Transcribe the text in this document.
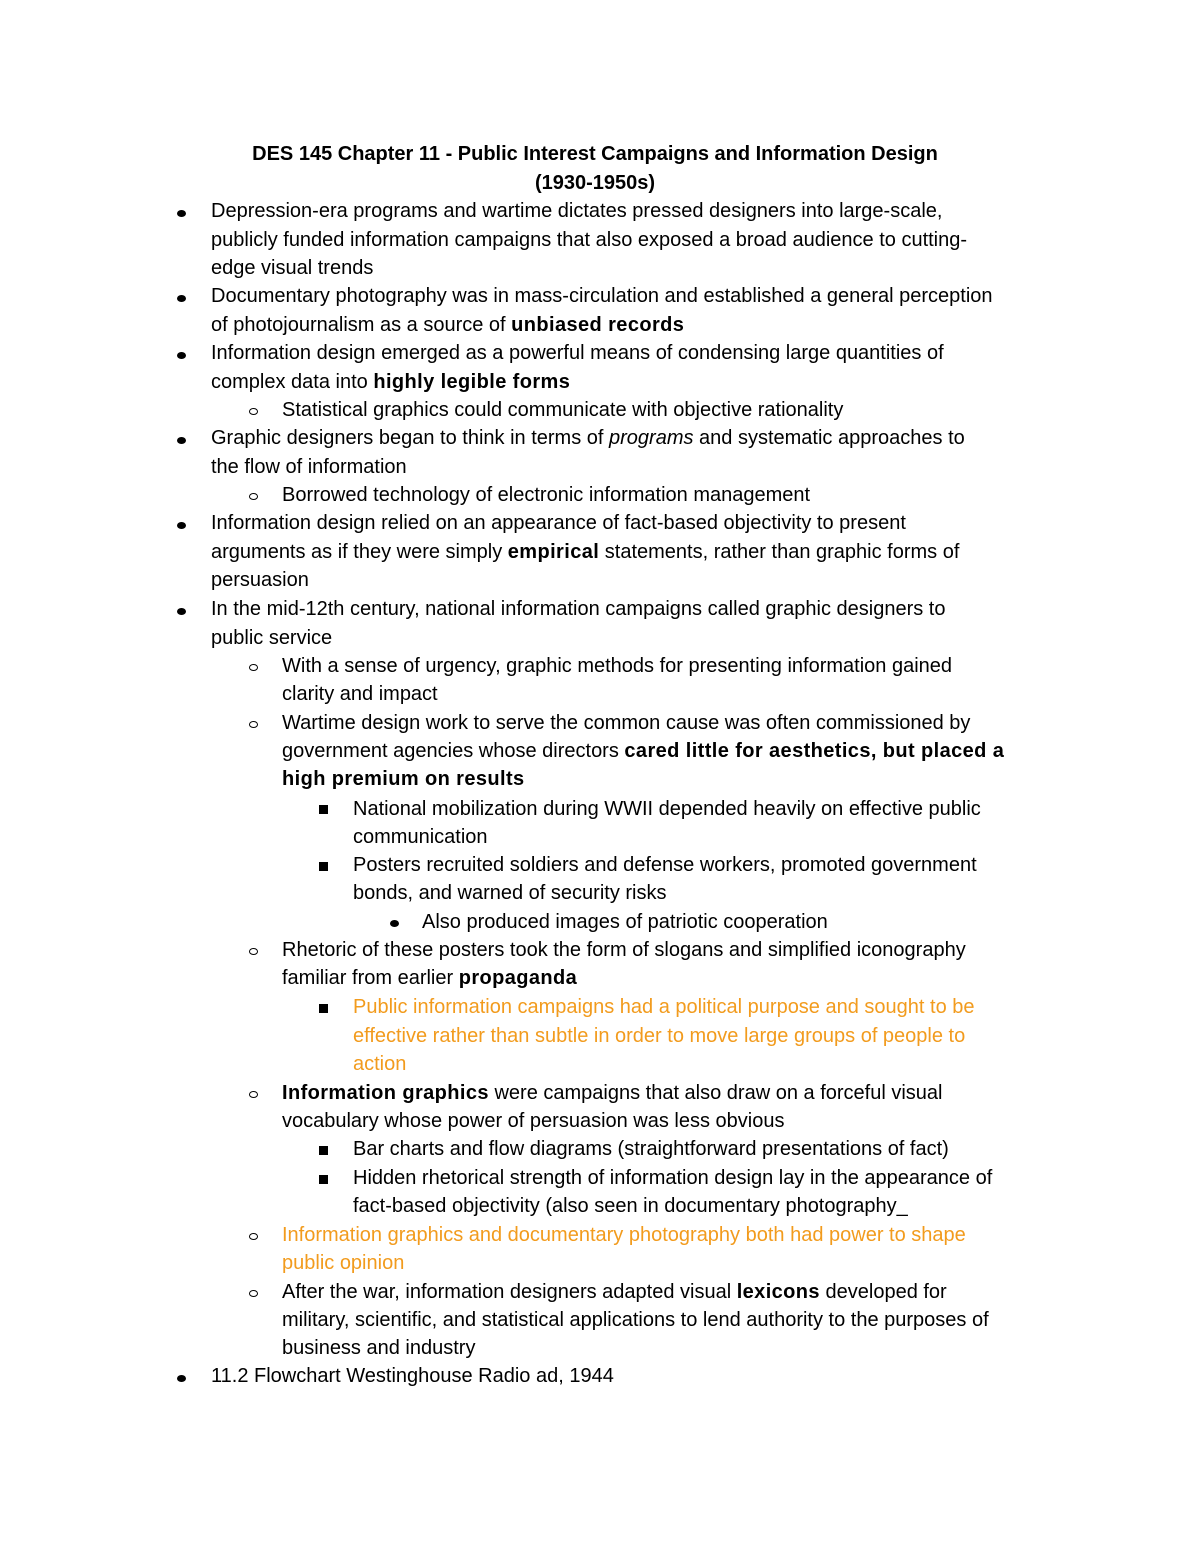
DES 145 Chapter 11 - Public Interest Campaigns and Information Design
(1930-1950s)
Depression-era programs and wartime dictates pressed designers into large-scale,
publicly funded information campaigns that also exposed a broad audience to cutting-
edge visual trends
Documentary photography was in mass-circulation and established a general perception
of photojournalism as a source of unbiased records
Information design emerged as a powerful means of condensing large quantities of
complex data into highly legible forms
Statistical graphics could communicate with objective rationality
Graphic designers began to think in terms of programs and systematic approaches to
the flow of information
Borrowed technology of electronic information management
Information design relied on an appearance of fact-based objectivity to present
arguments as if they were simply empirical statements, rather than graphic forms of
persuasion
In the mid-12th century, national information campaigns called graphic designers to
public service
With a sense of urgency, graphic methods for presenting information gained
clarity and impact
Wartime design work to serve the common cause was often commissioned by
government agencies whose directors cared little for aesthetics, but placed a
high premium on results
National mobilization during WWII depended heavily on effective public
communication
Posters recruited soldiers and defense workers, promoted government
bonds, and warned of security risks
Also produced images of patriotic cooperation
Rhetoric of these posters took the form of slogans and simplified iconography
familiar from earlier propaganda
Public information campaigns had a political purpose and sought to be
effective rather than subtle in order to move large groups of people to
action
Information graphics were campaigns that also draw on a forceful visual
vocabulary whose power of persuasion was less obvious
Bar charts and flow diagrams (straightforward presentations of fact)
Hidden rhetorical strength of information design lay in the appearance of
fact-based objectivity (also seen in documentary photography_
Information graphics and documentary photography both had power to shape
public opinion
After the war, information designers adapted visual lexicons developed for
military, scientific, and statistical applications to lend authority to the purposes of
business and industry
11.2 Flowchart Westinghouse Radio ad, 1944
